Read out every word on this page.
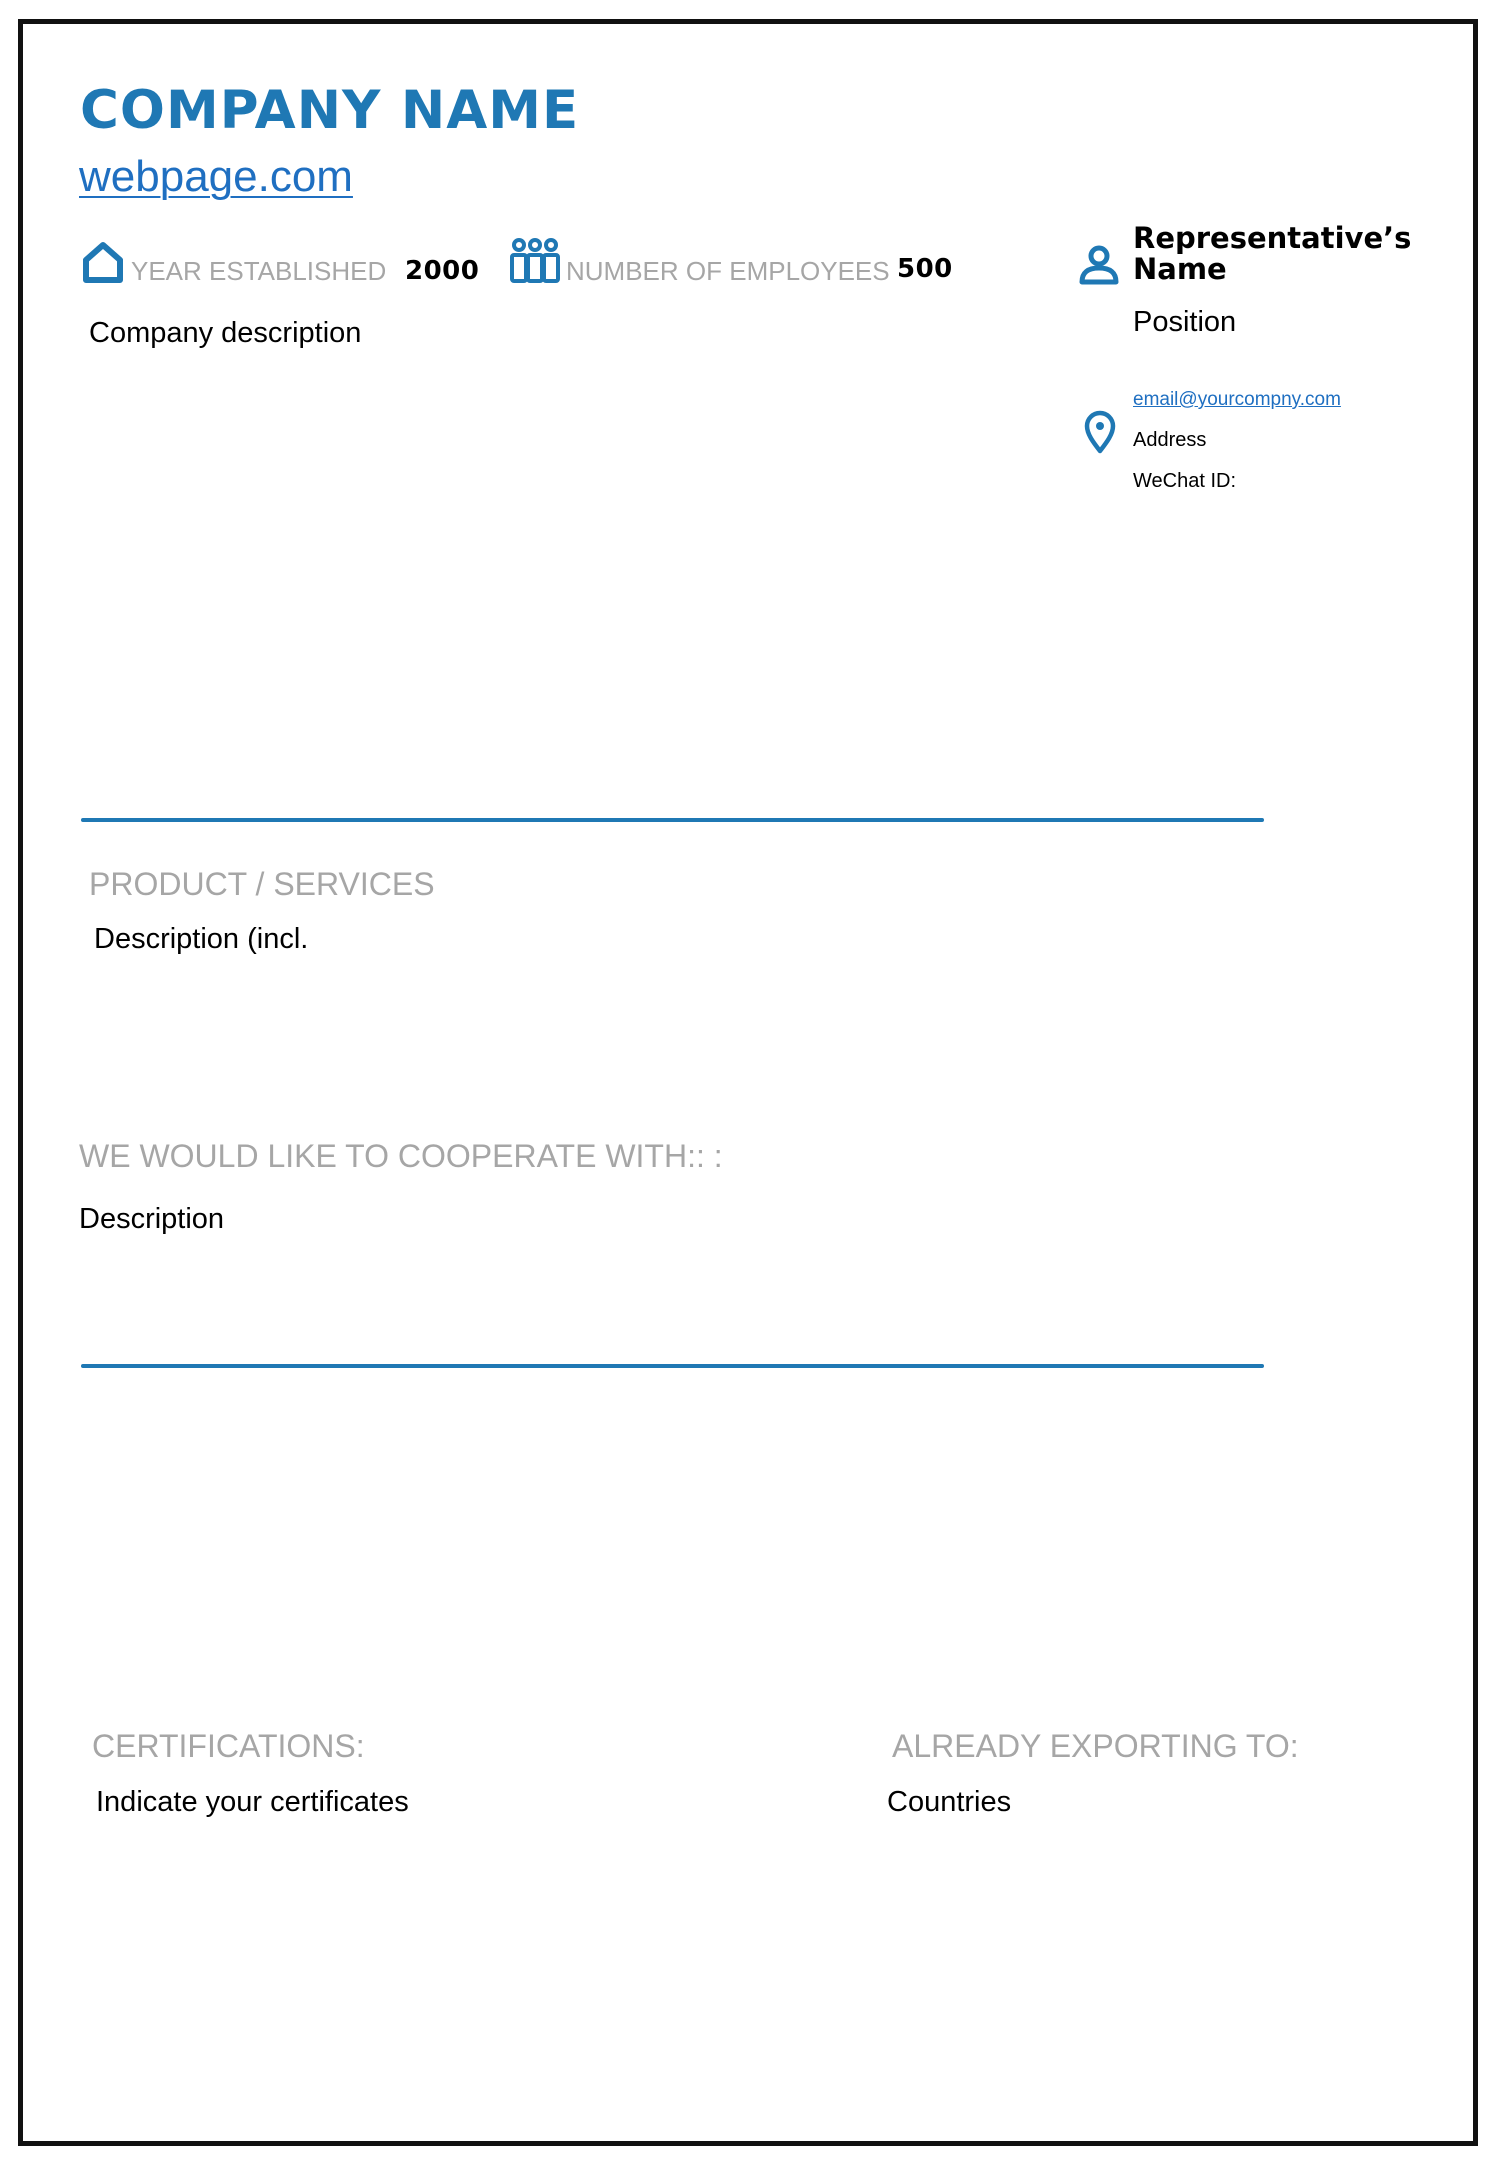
COMPANY NAME
webpage.com
YEAR ESTABLISHED 2000	NUMBER OF EMPLOYEES 500
Company description
Representative’s Name
Position
email@yourcompny.com
Address
WeChat ID:
PRODUCT / SERVICES
Description (incl.
WE WOULD LIKE TO COOPERATE WITH:: :
Description
CERTIFICATIONS:
Indicate your certificates
ALREADY EXPORTING TO:
Countries
